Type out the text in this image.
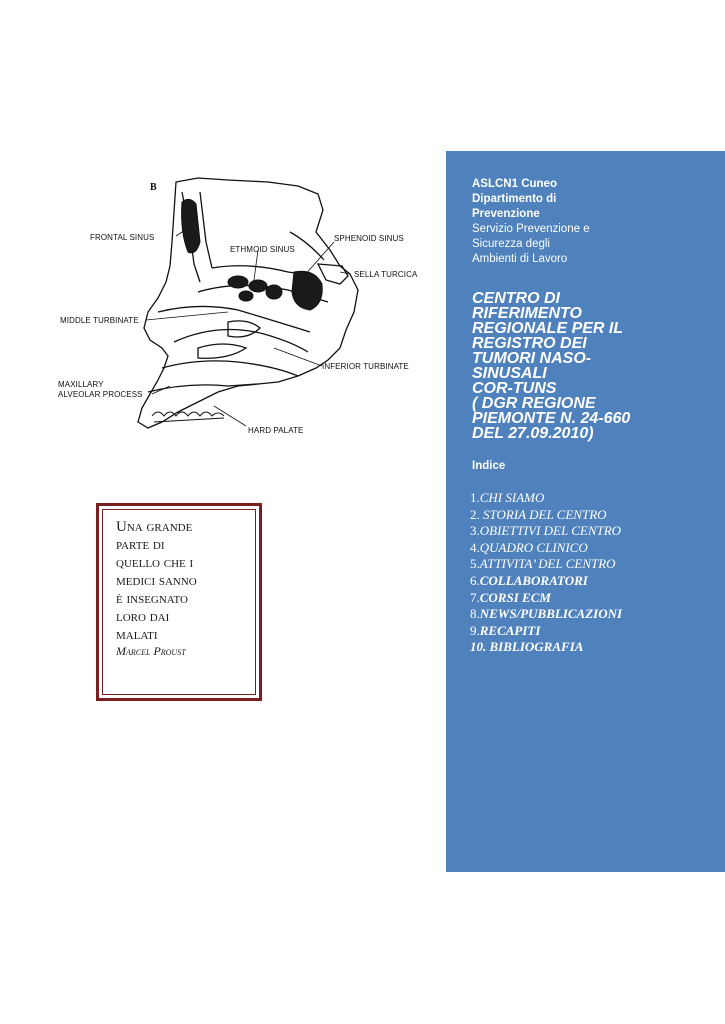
B
FRONTAL SINUS
ETHMOID SINUS
SPHENOID SINUS
SELLA TURCICA
MIDDLE TURBINATE
INFERIOR TURBINATE
MAXILLARY
ALVEOLAR PROCESS
HARD PALATE
Una grande
parte di
quello che i
medici sanno
è insegnato
loro dai
malati
Marcel Proust
ASLCN1 Cuneo
Dipartimento di
Prevenzione
Servizio Prevenzione e
Sicurezza degli
Ambienti di Lavoro
CENTRO DI
RIFERIMENTO
REGIONALE PER IL
REGISTRO DEI
TUMORI NASO-
SINUSALI
COR-TUNS
( DGR REGIONE
PIEMONTE N. 24-660
DEL 27.09.2010)
Indice
1.CHI SIAMO
2. STORIA DEL CENTRO
3.OBIETTIVI DEL CENTRO
4.QUADRO CLINICO
5.ATTIVITA’ DEL CENTRO
6.COLLABORATORI
7.CORSI ECM
8.NEWS/PUBBLICAZIONI
9.RECAPITI
10. BIBLIOGRAFIA
